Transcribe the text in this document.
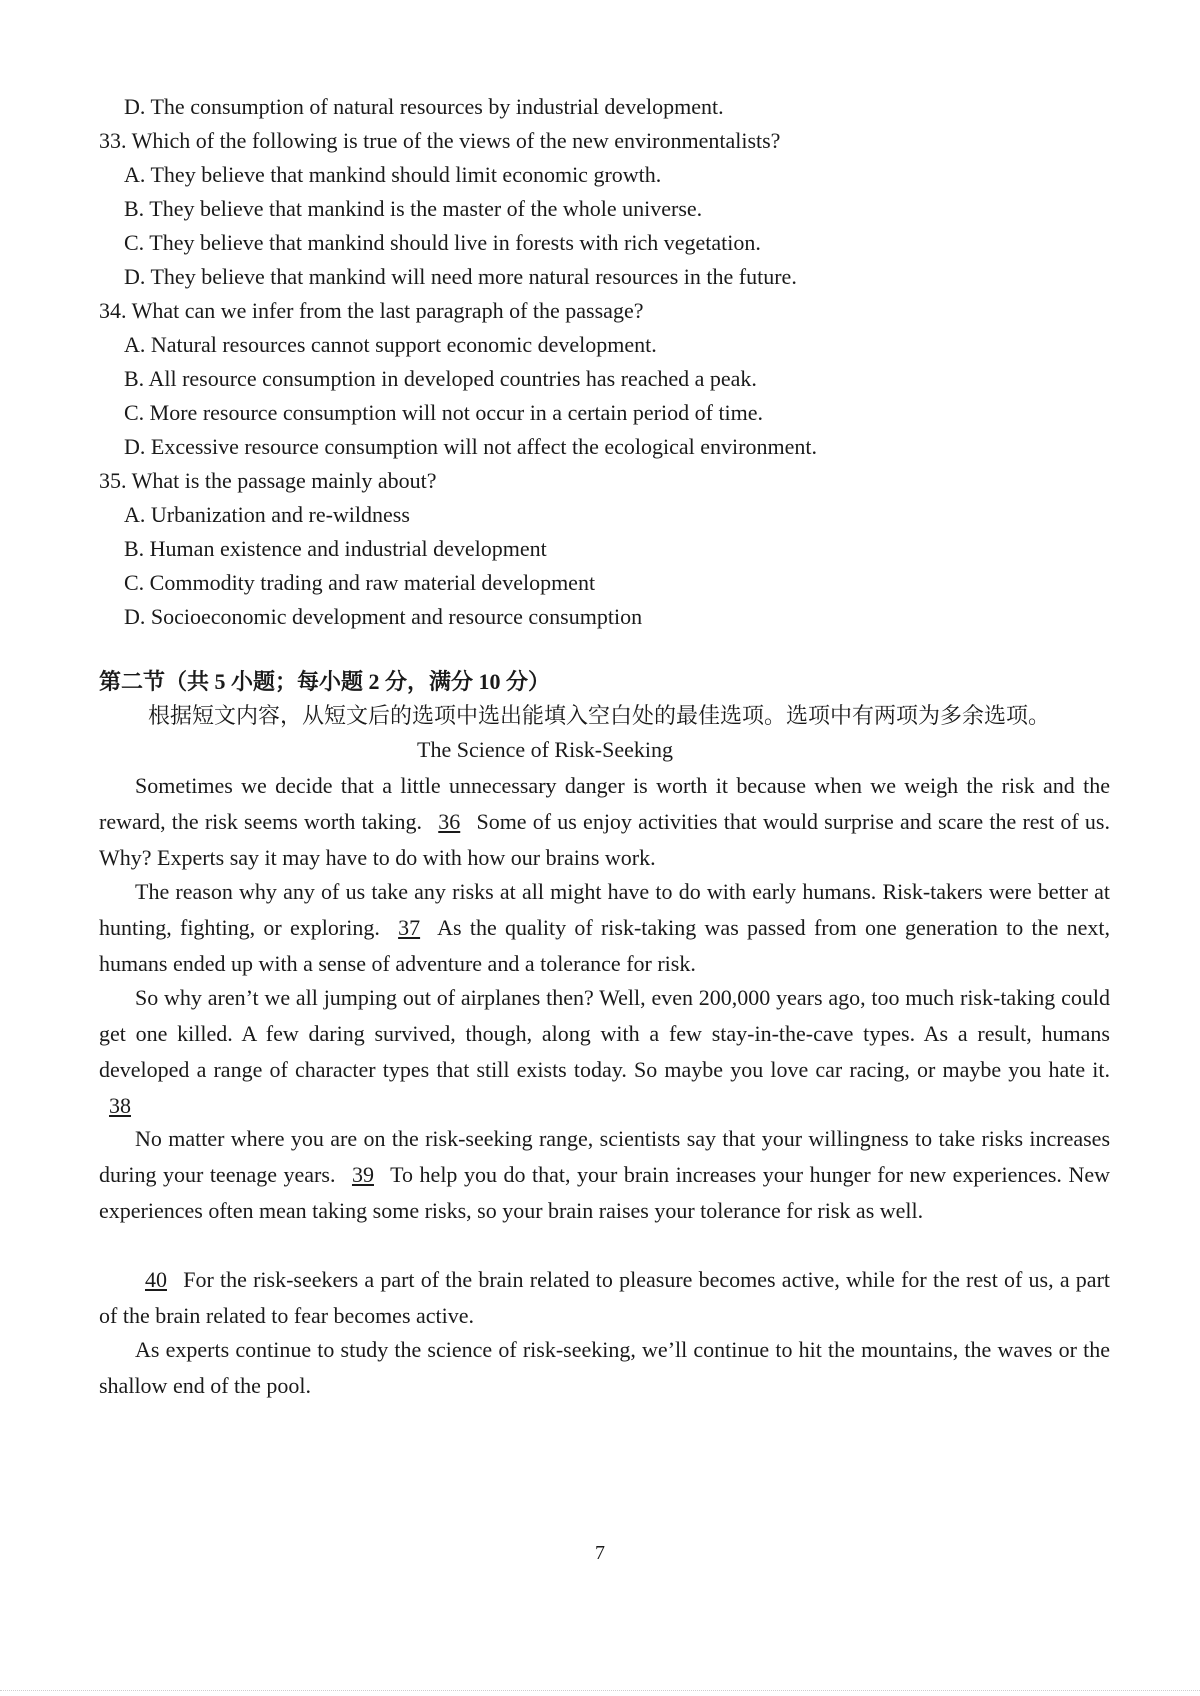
D. The consumption of natural resources by industrial development.
33. Which of the following is true of the views of the new environmentalists?
A. They believe that mankind should limit economic growth.
B. They believe that mankind is the master of the whole universe.
C. They believe that mankind should live in forests with rich vegetation.
D. They believe that mankind will need more natural resources in the future.
34. What can we infer from the last paragraph of the passage?
A. Natural resources cannot support economic development.
B. All resource consumption in developed countries has reached a peak.
C. More resource consumption will not occur in a certain period of time.
D. Excessive resource consumption will not affect the ecological environment.
35. What is the passage mainly about?
A. Urbanization and re-wildness
B. Human existence and industrial development
C. Commodity trading and raw material development
D. Socioeconomic development and resource consumption
第二节（共 5 小题；每小题 2 分，满分 10 分）
根据短文内容，从短文后的选项中选出能填入空白处的最佳选项。选项中有两项为多余选项。
The Science of Risk-Seeking
Sometimes we decide that a little unnecessary danger is worth it because when we weigh the risk and the reward, the risk seems worth taking. 36 Some of us enjoy activities that would surprise and scare the rest of us. Why? Experts say it may have to do with how our brains work.
The reason why any of us take any risks at all might have to do with early humans. Risk-takers were better at hunting, fighting, or exploring. 37 As the quality of risk-taking was passed from one generation to the next, humans ended up with a sense of adventure and a tolerance for risk.
So why aren’t we all jumping out of airplanes then? Well, even 200,000 years ago, too much risk-taking could get one killed. A few daring survived, though, along with a few stay-in-the-cave types. As a result, humans developed a range of character types that still exists today. So maybe you love car racing, or maybe you hate it. 38
No matter where you are on the risk-seeking range, scientists say that your willingness to take risks increases during your teenage years. 39 To help you do that, your brain increases your hunger for new experiences. New experiences often mean taking some risks, so your brain raises your tolerance for risk as well.
40 For the risk-seekers a part of the brain related to pleasure becomes active, while for the rest of us, a part of the brain related to fear becomes active.
As experts continue to study the science of risk-seeking, we’ll continue to hit the mountains, the waves or the shallow end of the pool.
7
